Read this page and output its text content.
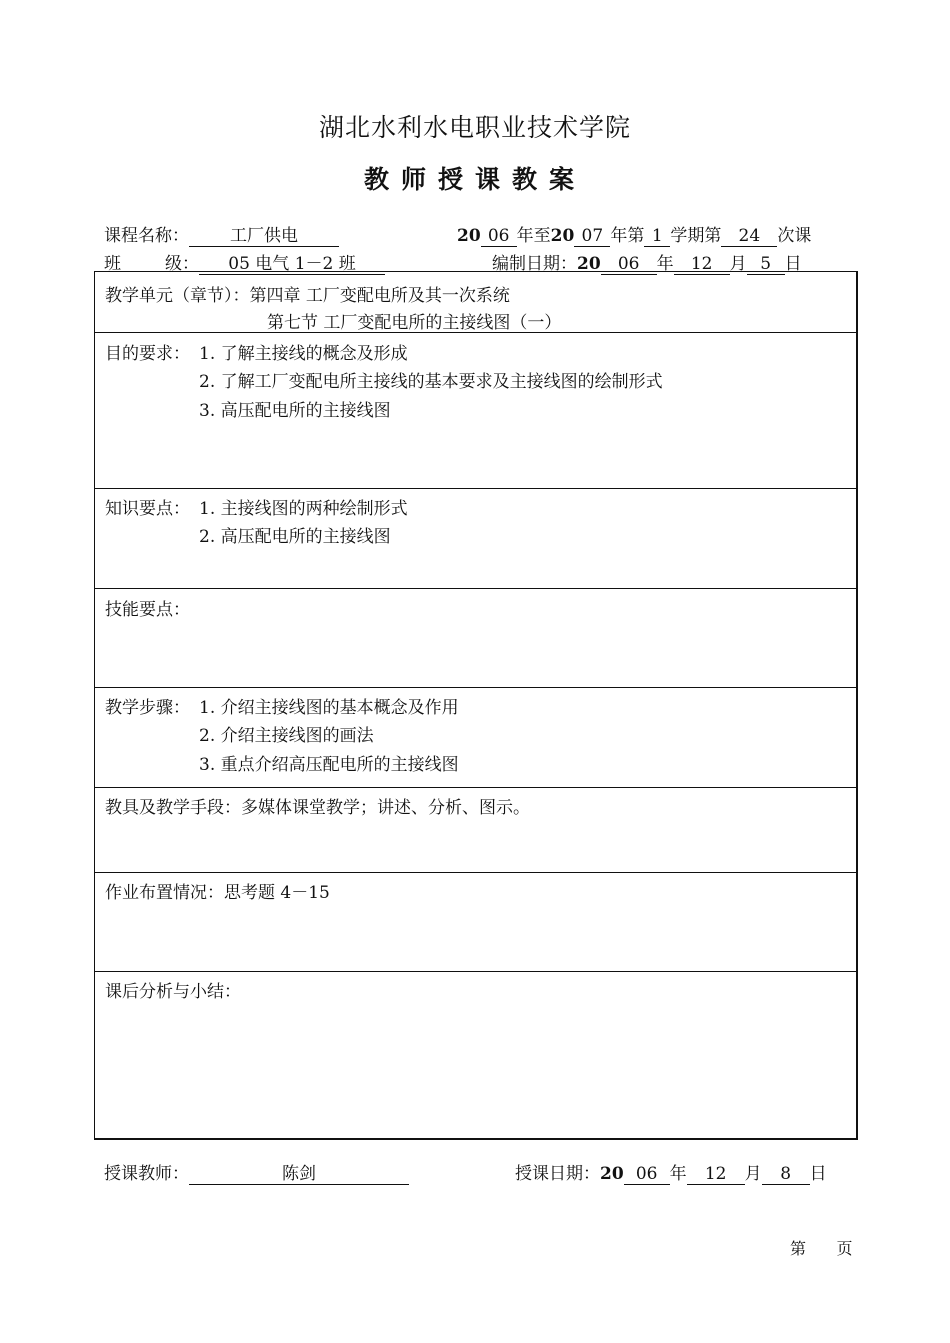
湖北水利水电职业技术学院
教师授课教案
课程名称： 工厂供电	20 06 年至20 07 年第 1 学期第 24 次课
班	级： 05 电气 1－2 班	编制日期：20 06 年 12 月 5 日
教学单元（章节）：第四章 工厂变配电所及其一次系统
第七节 工厂变配电所的主接线图（一）
目的要求： 1. 了解主接线的概念及形成
2. 了解工厂变配电所主接线的基本要求及主接线图的绘制形式
3. 高压配电所的主接线图
知识要点： 1. 主接线图的两种绘制形式
2. 高压配电所的主接线图
技能要点：
教学步骤： 1. 介绍主接线图的基本概念及作用
2. 介绍主接线图的画法
3. 重点介绍高压配电所的主接线图
教具及教学手段：多媒体课堂教学；讲述、分析、图示。
作业布置情况：思考题 4－15
课后分析与小结：
授课教师：	陈剑	授课日期：20 06 年 12 月 8 日
第      页
